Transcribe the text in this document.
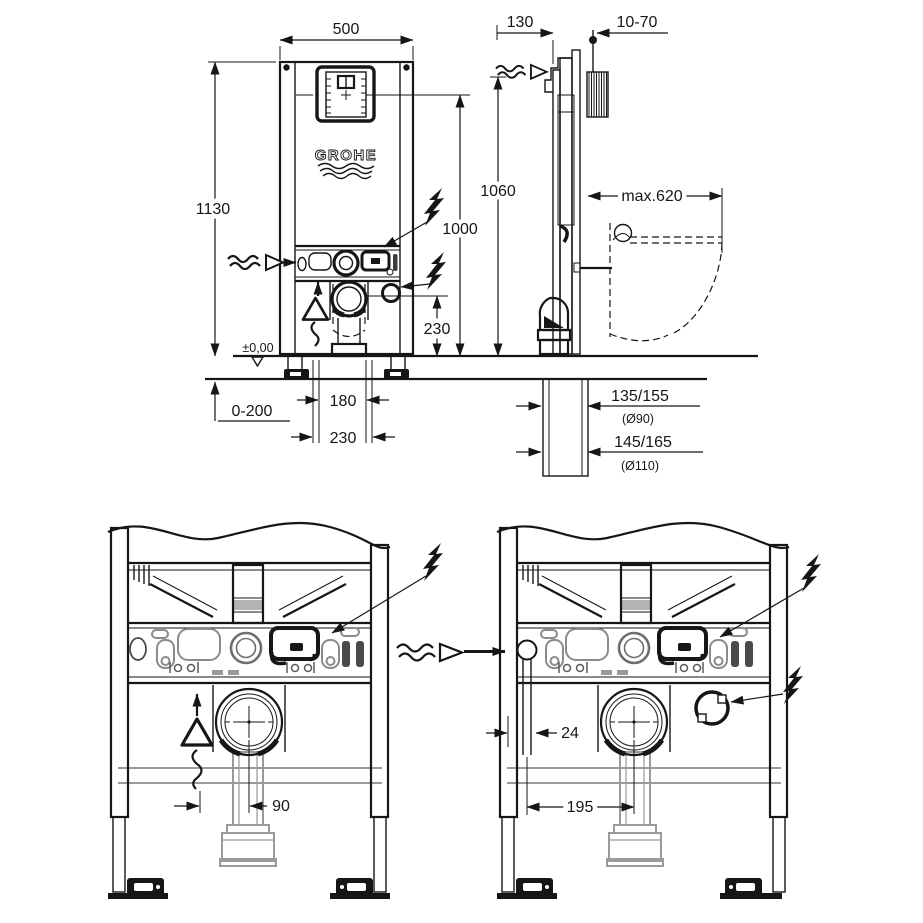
GROHE
500
1130
1000
230
±0,00
0-200
180
230
130	10-70
1060	max.620
135/155
(Ø90)
145/165
(Ø110)
90
24
195
